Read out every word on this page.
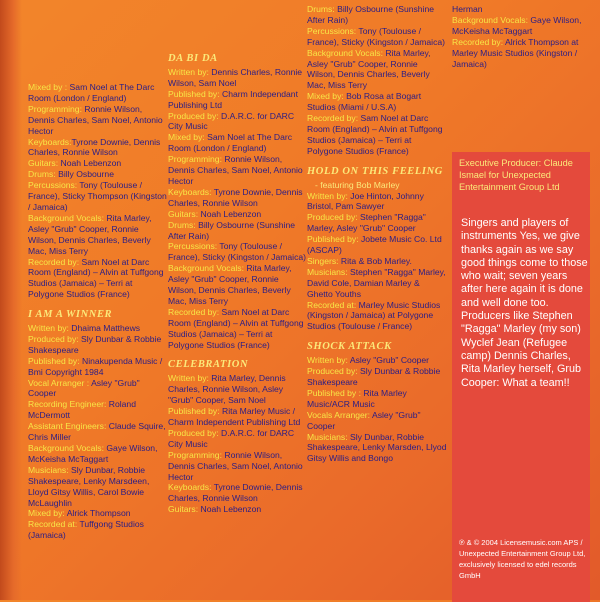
Mixed by : Sam Noel at The Darc Room (London / England)

Programming: Ronnie Wilson, Dennis Charles, Sam Noel, Antonio Hector

Keyboards:Tyrone Downie, Dennis Charles, Ronnie Wilson

Guitars: Noah Lebenzon

Drums: Billy Osbourne

Percussions: Tony (Toulouse / France), Sticky Thompson (Kingston / Jamaica)

Background Vocals: Rita Marley, Asley "Grub" Cooper, Ronnie Wilson, Dennis Charles, Beverly Mac, Miss Terry

Recorded by: Sam Noel at Darc Room (England) – Alvin at Tuffgong Studios (Jamaica) – Terri at Polygone Studios (France)

I AM A WINNER

Written by: Dhaima Matthews

Produced by: Sly Dunbar & Robbie Shakespeare

Published by: Ninakupenda Music / Bmi Copyright 1984

Vocal Arranger : Asley "Grub" Cooper

Recording Engineer: Roland McDermott

Assistant Engineers: Claude Squire, Chris Miller

Background Vocals: Gaye Wilson, McKeisha McTaggart

Musicians: Sly Dunbar, Robbie Shakespeare, Lenky Marsdeen, Lloyd Gitsy Willis, Carol Bowie McLaughlin

Mixed by: Alrick Thompson

Recorded at: Tuffgong Studios (Jamaica)

DA BI DA

Written by: Dennis Charles, Ronnie Wilson, Sam Noel

Published by: Charm Independant Publishing Ltd

Produced by: D.A.R.C. for DARC City Music

Mixed by: Sam Noel at The Darc Room (London / England)

Programming: Ronnie Wilson, Dennis Charles, Sam Noel, Antonio Hector

Keyboards: Tyrone Downie, Dennis Charles, Ronnie Wilson

Guitars: Noah Lebenzon

Drums: Billy Osbourne (Sunshine After Rain)

Percussions: Tony (Toulouse / France), Sticky (Kingston / Jamaica)

Background Vocals: Rita Marley, Asley "Grub" Cooper, Ronnie Wilson, Dennis Charles, Beverly Mac, Miss Terry

Recorded by: Sam Noel at Darc Room (England) – Alvin at Tuffgong Studios (Jamaica) – Terri at Polygone Studios (France)

CELEBRATION

Written by: Rita Marley, Dennis Charles, Ronnie Wilson, Asley "Grub" Cooper, Sam Noel

Published by: Rita Marley Music / Charm Independent Publishing Ltd

Produced by: D.A.R.C. for DARC City Music

Programming: Ronnie Wilson, Dennis Charles, Sam Noel, Antonio Hector

Keyboards: Tyrone Downie, Dennis Charles, Ronnie Wilson

Guitars: Noah Lebenzon

Drums: Billy Osbourne (Sunshine After Rain)

Percussions: Tony (Toulouse / France), Sticky (Kingston / Jamaica)

Background Vocals: Rita Marley, Asley "Grub" Cooper, Ronnie Wilson, Dennis Charles, Beverly Mac, Miss Terry

Mixed by: Bob Rosa at Bogart Studios (Miami / U.S.A)

Recorded by: Sam Noel at Darc Room (England) – Alvin at Tuffgong Studios (Jamaica) – Terri at Polygone Studios (France)

HOLD ON THIS FEELING
- featuring Bob Marley

Written by: Joe Hinton, Johnny Bristol, Pam Sawyer

Produced by: Stephen "Ragga" Marley, Asley "Grub" Cooper

Published by: Jobete Music Co. Ltd (ASCAP)

Singers: Rita & Bob Marley.

Musicians: Stephen "Ragga" Marley, David Cole, Damian Marley & Ghetto Youths

Recorded at: Marley Music Studios (Kingston / Jamaica) at Polygone Studios (Toulouse / France)

SHOCK ATTACK

Written by: Asley "Grub" Cooper

Produced by: Sly Dunbar & Robbie Shakespeare

Published by : Rita Marley Music/ACR Music

Vocals Arranger: Asley "Grub" Cooper

Musicians: Sly Dunbar, Robbie Shakespeare, Lenky Marsden, Llyod Gitsy Willis and Bongo

Herman

Background Vocals: Gaye Wilson, McKeisha McTaggart

Recorded by: Alrick Thompson at Marley Music Studios (Kingston / Jamaica)

Executive Producer: Claude Ismael for Unexpected Entertainment Group Ltd
Singers and players of instruments Yes, we give thanks again as we say good things come to those who wait; seven years after here again it is done and well done too. Producers like Stephen "Ragga" Marley (my son) Wyclef Jean (Refugee camp) Dennis Charles, Rita Marley herself, Grub Cooper: What a team!!
℗ & © 2004 Licensemusic.com APS / Unexpected Entertainment Group Ltd, exclusively licensed to edel records GmbH
